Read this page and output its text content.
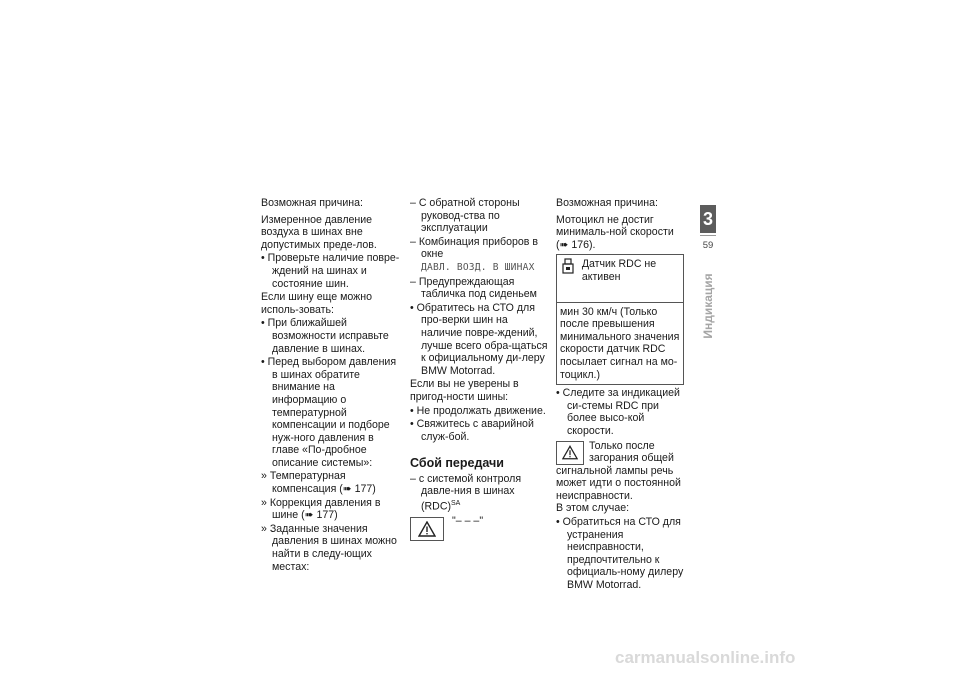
Возможная причина:

Измеренное давление воздуха в шинах вне допустимых преде-лов.

• Проверьте наличие повре-ждений на шинах и состояние шин.

Если шину еще можно исполь-зовать:

• При ближайшей возможности исправьте давление в шинах.

• Перед выбором давления в шинах обратите внимание на информацию о температурной компенсации и подборе нуж-ного давления в главе «По-дробное описание системы»:

» Температурная компенсация (➠ 177)

» Коррекция давления в шине (➠ 177)

» Заданные значения давления в шинах можно найти в следу-ющих местах:

– С обратной стороны руковод-ства по эксплуатации

– Комбинация приборов в окне
ДАВЛ. ВОЗД. В ШИНАХ

– Предупреждающая табличка под сиденьем

• Обратитесь на СТО для про-верки шин на наличие повре-ждений, лучше всего обра-щаться к официальному ди-леру BMW Motorrad.

Если вы не уверены в пригод-ности шины:

• Не продолжать движение.

• Свяжитесь с аварийной служ-бой.

Сбой передачи

– с системой контроля давле-ния в шинах (RDC)$^{SA}$

"– – –"

Возможная причина:

Мотоцикл не достиг минималь-ной скорости (➠ 176).

Датчик RDC не активен
мин 30 км/ч (Только после превышения минимального значения скорости датчик RDC посылает сигнал на мо-тоцикл.)

• Следите за индикацией си-стемы RDC при более высо-кой скорости.

Только после загорания общей сигнальной лампы речь может идти о постоянной неисправности.

В этом случае:

• Обратиться на СТО для устранения неисправности, предпочтительно к официаль-ному дилеру BMW Motorrad.

3
59
Индикация
carmanualsonline.info
